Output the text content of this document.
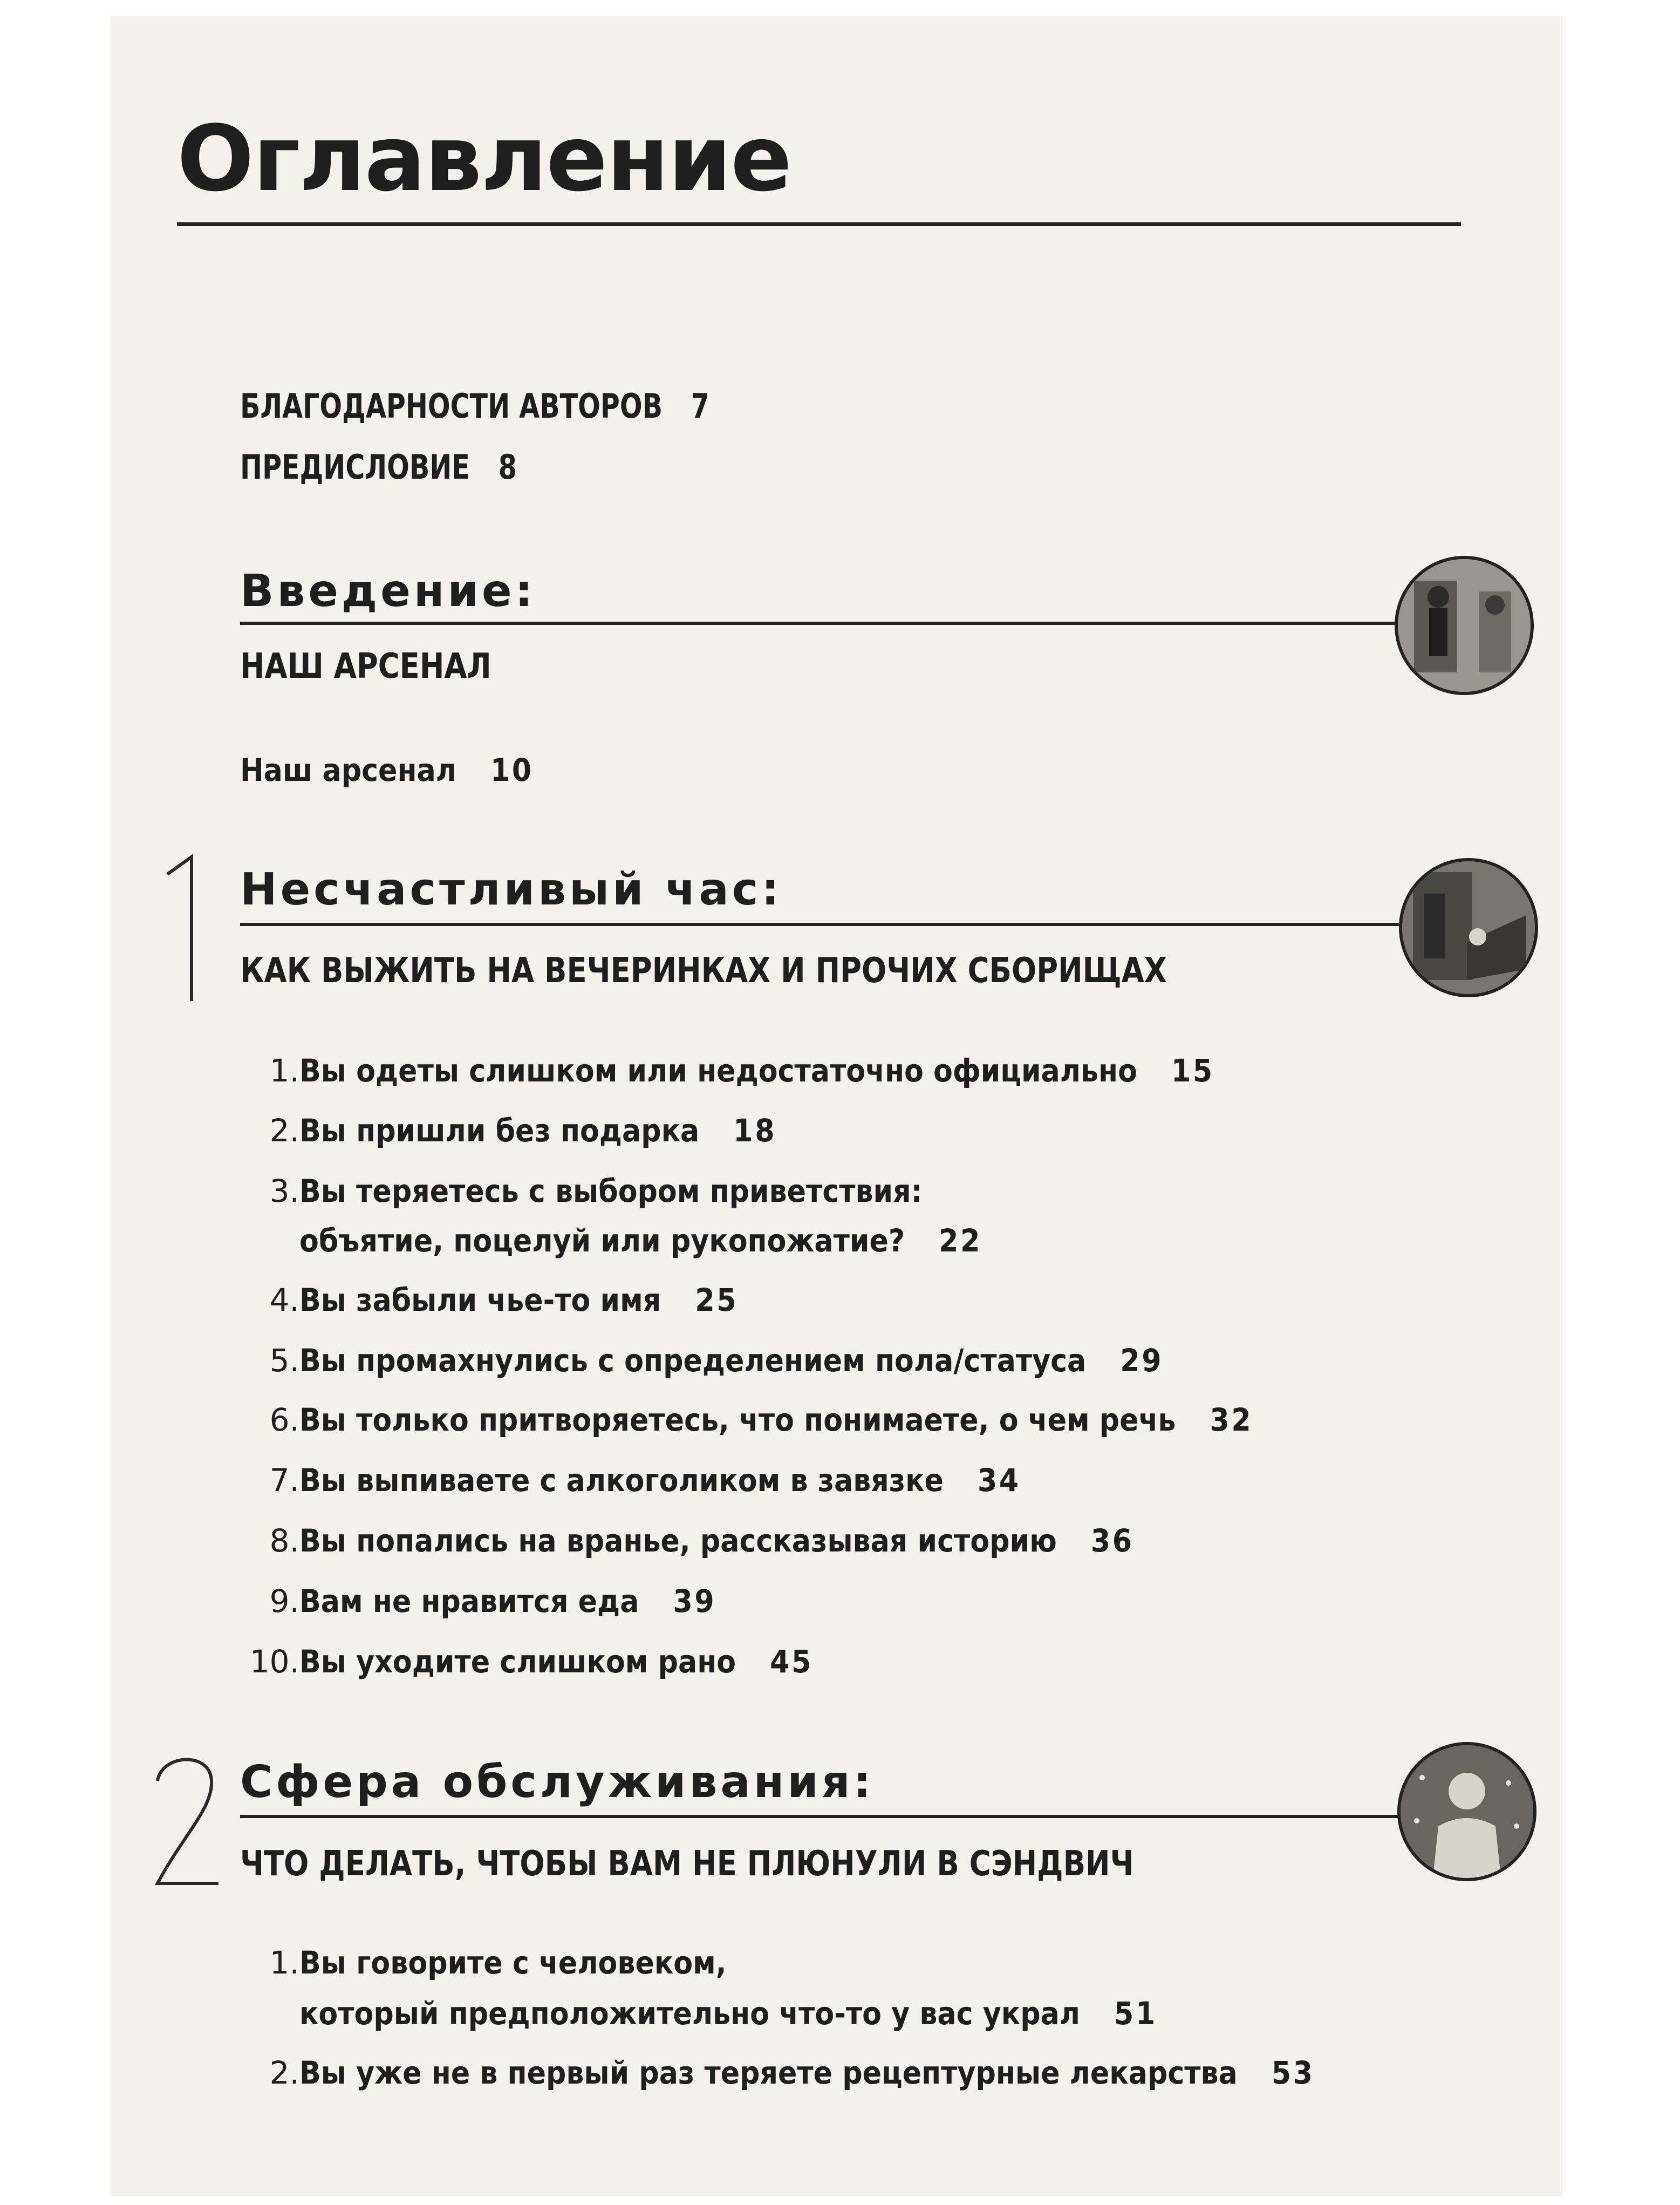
Оглавление
БЛАГОДАРНОСТИ АВТОРОВ 7
ПРЕДИСЛОВИЕ 8
Введение:
НАШ АРСЕНАЛ
Наш арсенал 10
Несчастливый час:
КАК ВЫЖИТЬ НА ВЕЧЕРИНКАХ И ПРОЧИХ СБОРИЩАХ
1. Вы одеты слишком или недостаточно официально 15
2. Вы пришли без подарка 18
3. Вы теряетесь с выбором приветствия:
объятие, поцелуй или рукопожатие? 22
4. Вы забыли чье-то имя 25
5. Вы промахнулись с определением пола/статуса 29
6. Вы только притворяетесь, что понимаете, о чем речь 32
7. Вы выпиваете с алкоголиком в завязке 34
8. Вы попались на вранье, рассказывая историю 36
9. Вам не нравится еда 39
10. Вы уходите слишком рано 45
Сфера обслуживания:
ЧТО ДЕЛАТЬ, ЧТОБЫ ВАМ НЕ ПЛЮНУЛИ В СЭНДВИЧ
1. Вы говорите с человеком,
который предположительно что-то у вас украл 51
2. Вы уже не в первый раз теряете рецептурные лекарства 53
